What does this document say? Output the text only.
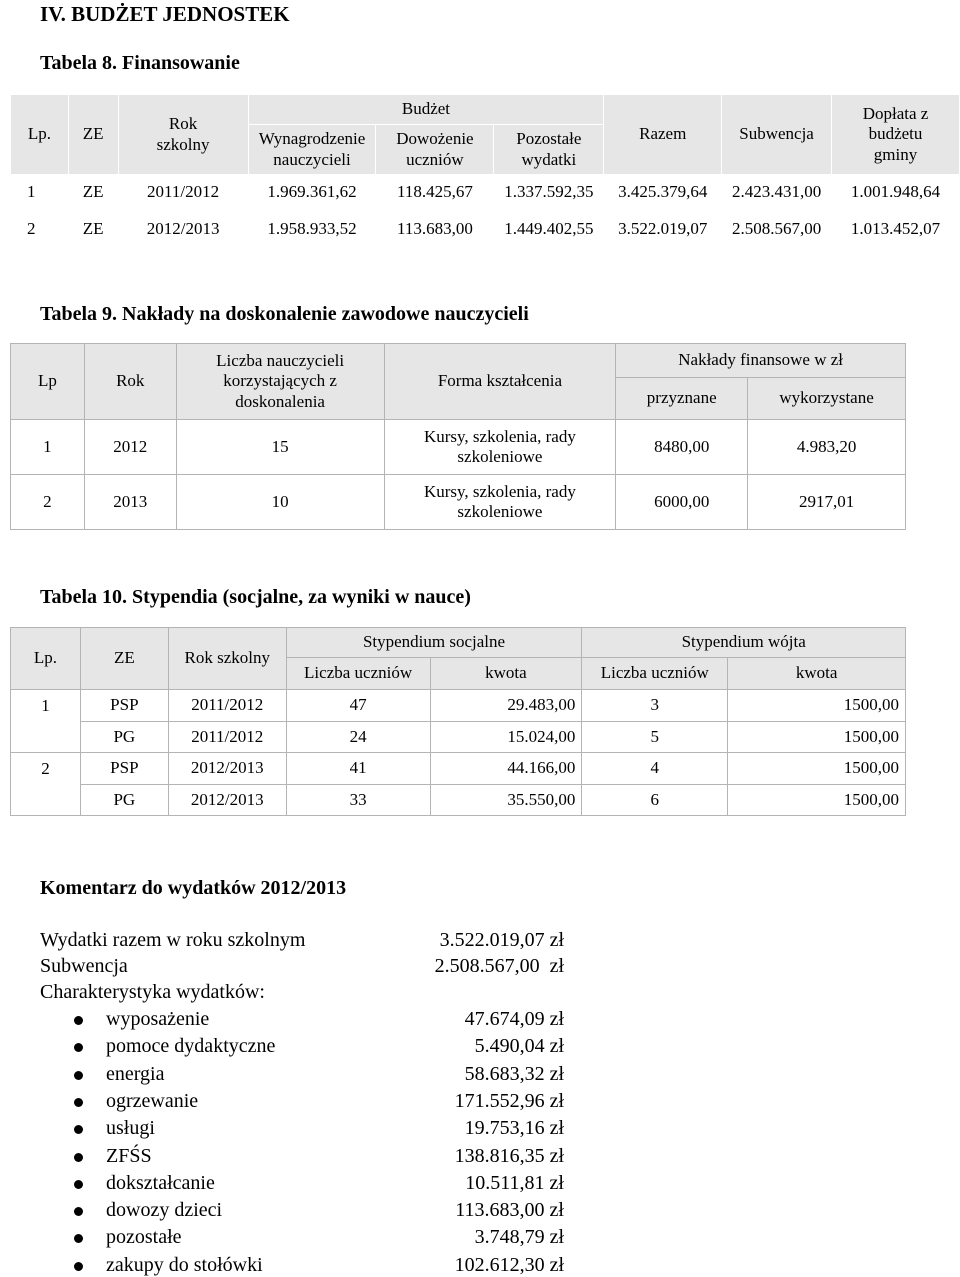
IV. BUDŻET JEDNOSTEK
Tabela 8. Finansowanie
Lp.	ZE	Rok szkolny	Budżet			Razem	Subwencja	Dopłata z budżetu gminy
			Wynagrodzenie nauczycieli	Dowożenie uczniów	Pozostałe wydatki			
1	ZE	2011/2012	1.969.361,62	118.425,67	1.337.592,35	3.425.379,64	2.423.431,00	1.001.948,64
2	ZE	2012/2013	1.958.933,52	113.683,00	1.449.402,55	3.522.019,07	2.508.567,00	1.013.452,07
Tabela 9. Nakłady na doskonalenie zawodowe nauczycieli
Lp	Rok	Liczba nauczycieli korzystających z doskonalenia	Forma kształcenia	Nakłady finansowe w zł	
				przyznane	wykorzystane
1	2012	15	Kursy, szkolenia, rady szkoleniowe	8480,00	4.983,20
2	2013	10	Kursy, szkolenia, rady szkoleniowe	6000,00	2917,01
Tabela 10. Stypendia (socjalne, za wyniki w nauce)
Lp.	ZE	Rok szkolny	Stypendium socjalne		Stypendium wójta	
			Liczba uczniów	kwota	Liczba uczniów	kwota
1	PSP	2011/2012	47	29.483,00	3	1500,00
	PG	2011/2012	24	15.024,00	5	1500,00
2	PSP	2012/2013	41	44.166,00	4	1500,00
	PG	2012/2013	33	35.550,00	6	1500,00
Komentarz do wydatków 2012/2013
Wydatki razem w roku szkolnym	3.522.019,07 zł
Subwencja	2.508.567,00  zł
Charakterystyka wydatków:
wyposażenie	47.674,09 zł
pomoce dydaktyczne	5.490,04 zł
energia	58.683,32 zł
ogrzewanie	171.552,96 zł
usługi	19.753,16 zł
ZFŚS	138.816,35 zł
dokształcanie	10.511,81 zł
dowozy dzieci	113.683,00 zł
pozostałe	3.748,79 zł
zakupy do stołówki	102.612,30 zł
